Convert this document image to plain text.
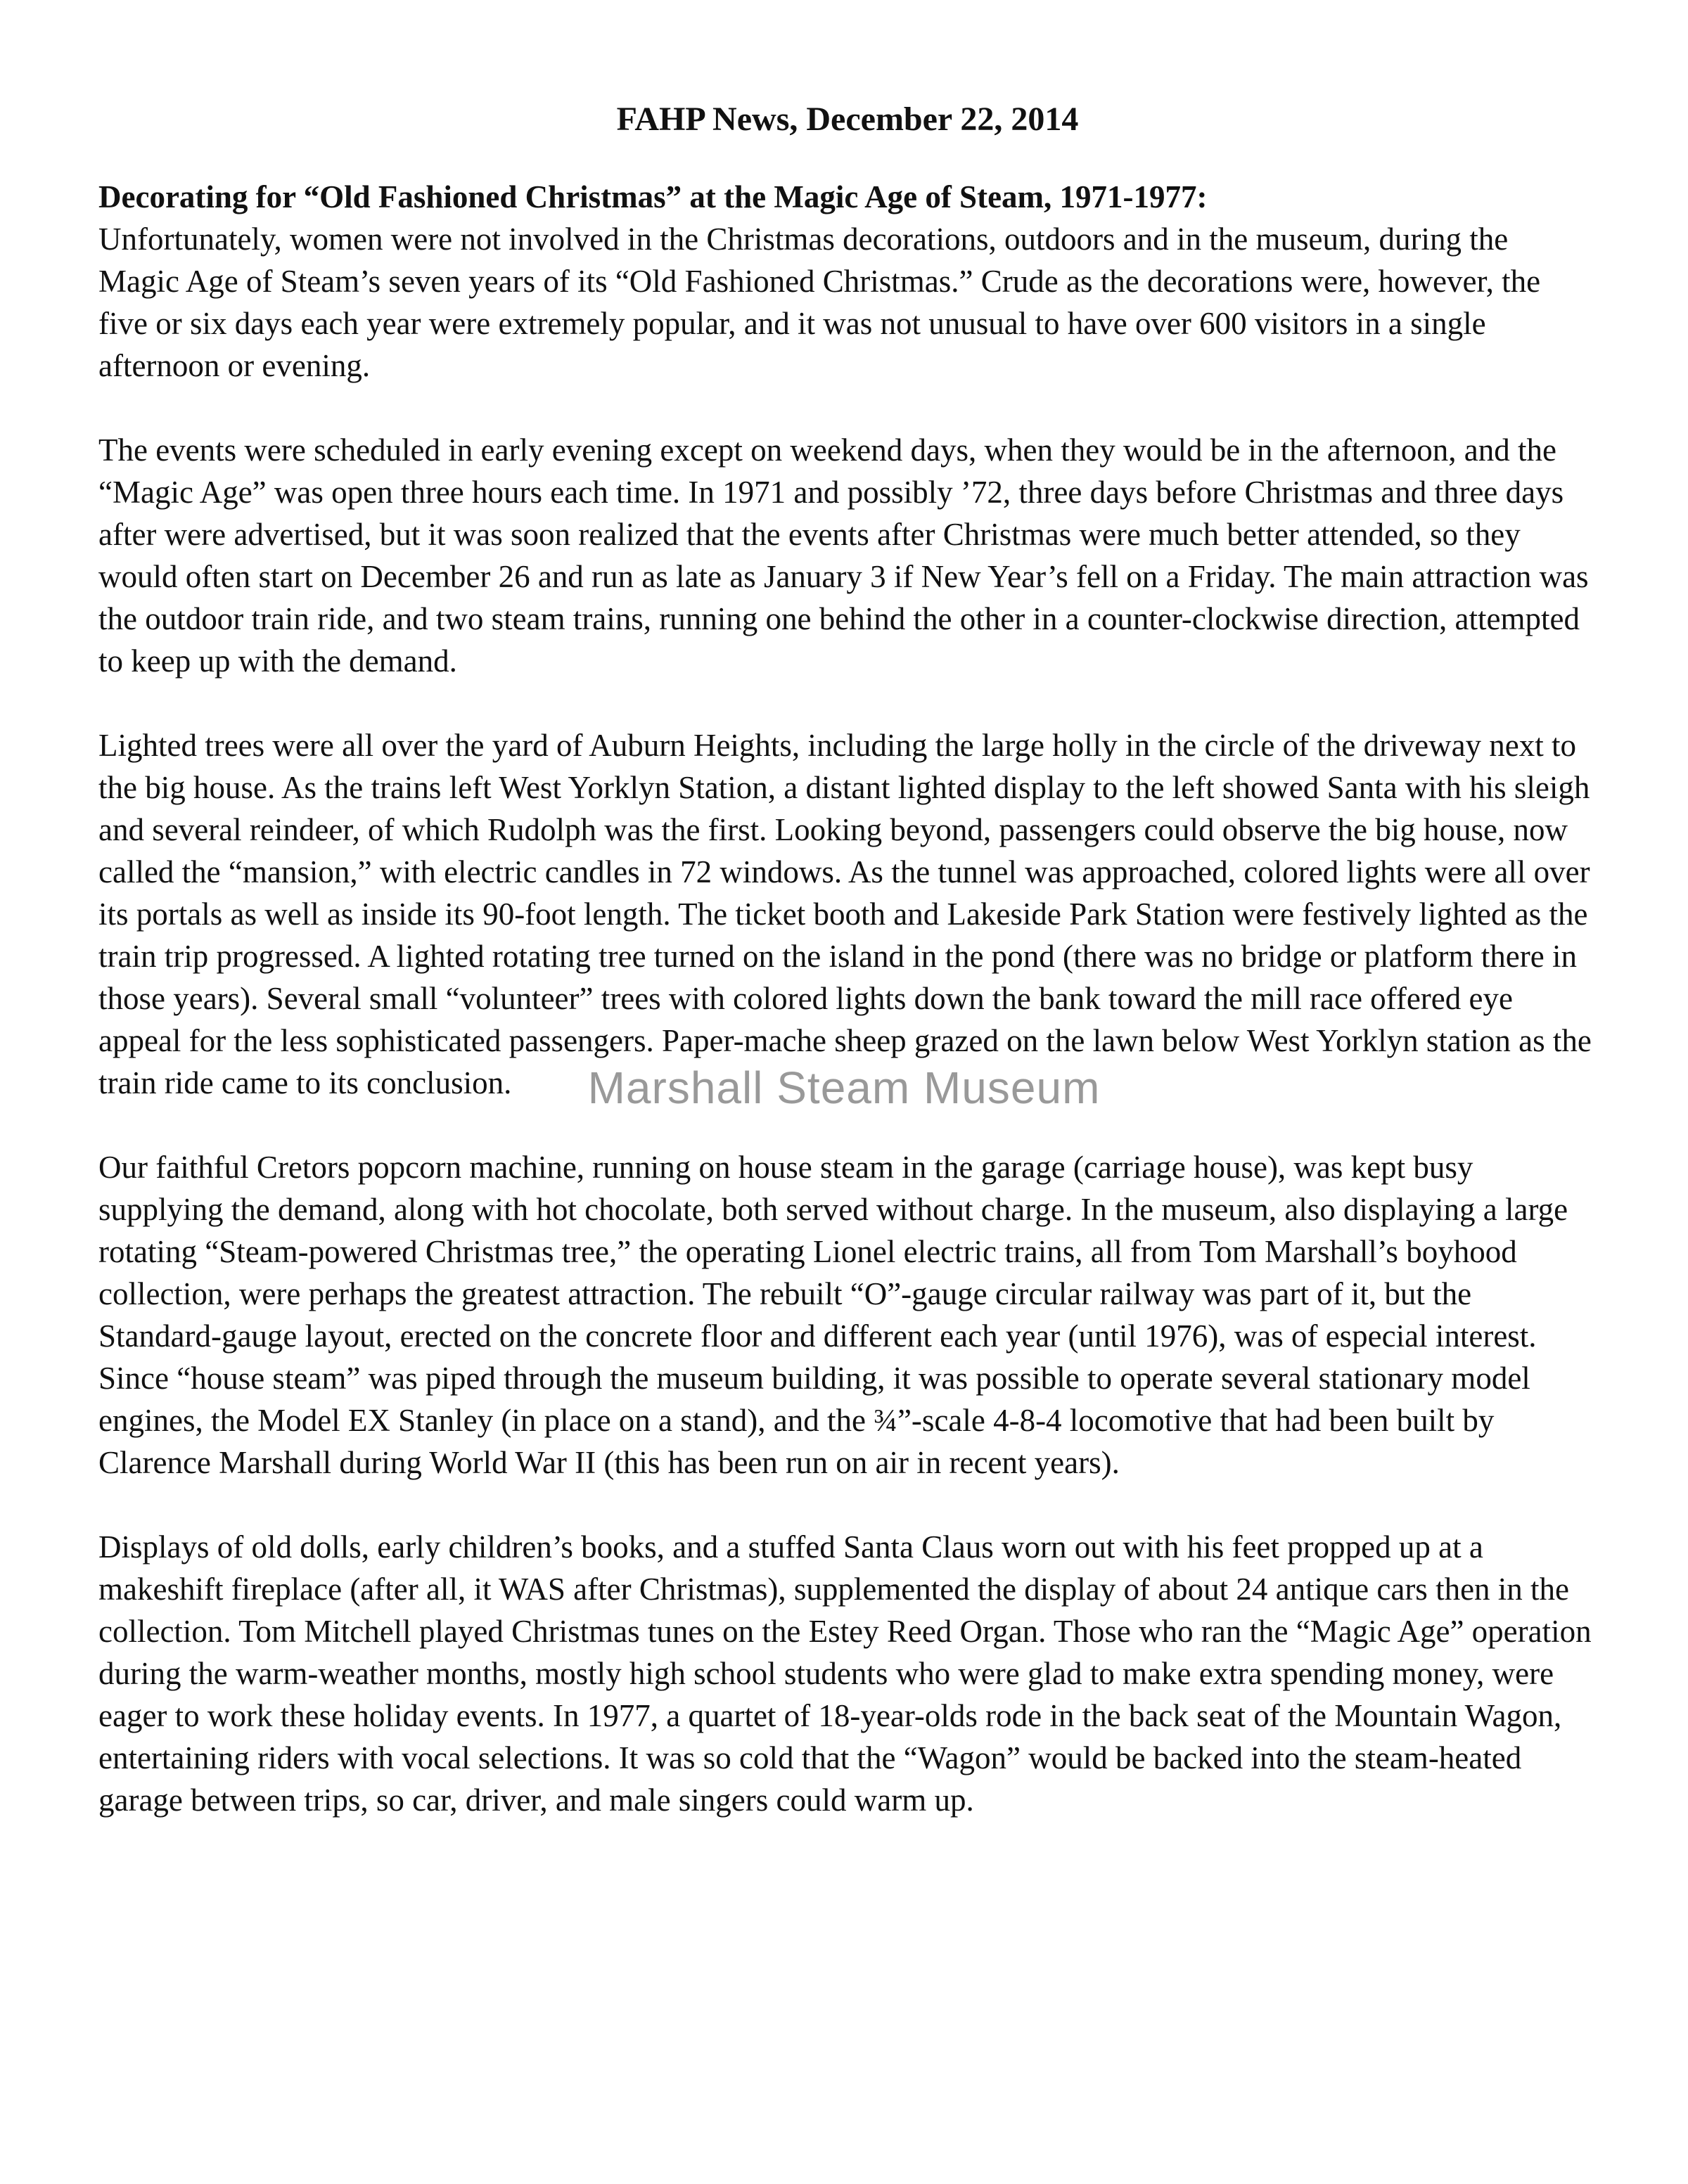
FAHP News, December 22, 2014

Decorating for “Old Fashioned Christmas” at the Magic Age of Steam, 1971-1977:
Unfortunately, women were not involved in the Christmas decorations, outdoors and in the museum, during the Magic Age of Steam’s seven years of its “Old Fashioned Christmas.” Crude as the decorations were, however, the five or six days each year were extremely popular, and it was not unusual to have over 600 visitors in a single afternoon or evening.

The events were scheduled in early evening except on weekend days, when they would be in the afternoon, and the “Magic Age” was open three hours each time. In 1971 and possibly ’72, three days before Christmas and three days after were advertised, but it was soon realized that the events after Christmas were much better attended, so they would often start on December 26 and run as late as January 3 if New Year’s fell on a Friday. The main attraction was the outdoor train ride, and two steam trains, running one behind the other in a counter-clockwise direction, attempted to keep up with the demand.

Lighted trees were all over the yard of Auburn Heights, including the large holly in the circle of the driveway next to the big house. As the trains left West Yorklyn Station, a distant lighted display to the left showed Santa with his sleigh and several reindeer, of which Rudolph was the first. Looking beyond, passengers could observe the big house, now called the “mansion,” with electric candles in 72 windows. As the tunnel was approached, colored lights were all over its portals as well as inside its 90-foot length. The ticket booth and Lakeside Park Station were festively lighted as the train trip progressed. A lighted rotating tree turned on the island in the pond (there was no bridge or platform there in those years). Several small “volunteer” trees with colored lights down the bank toward the mill race offered eye appeal for the less sophisticated passengers. Paper-mache sheep grazed on the lawn below West Yorklyn station as the train ride came to its conclusion.

Our faithful Cretors popcorn machine, running on house steam in the garage (carriage house), was kept busy supplying the demand, along with hot chocolate, both served without charge. In the museum, also displaying a large rotating “Steam-powered Christmas tree,” the operating Lionel electric trains, all from Tom Marshall’s boyhood collection, were perhaps the greatest attraction. The rebuilt “O”-gauge circular railway was part of it, but the Standard-gauge layout, erected on the concrete floor and different each year (until 1976), was of especial interest. Since “house steam” was piped through the museum building, it was possible to operate several stationary model engines, the Model EX Stanley (in place on a stand), and the ¾”-scale 4-8-4 locomotive that had been built by Clarence Marshall during World War II (this has been run on air in recent years).

Displays of old dolls, early children’s books, and a stuffed Santa Claus worn out with his feet propped up at a makeshift fireplace (after all, it WAS after Christmas), supplemented the display of about 24 antique cars then in the collection. Tom Mitchell played Christmas tunes on the Estey Reed Organ. Those who ran the “Magic Age” operation during the warm-weather months, mostly high school students who were glad to make extra spending money, were eager to work these holiday events. In 1977, a quartet of 18-year-olds rode in the back seat of the Mountain Wagon, entertaining riders with vocal selections. It was so cold that the “Wagon” would be backed into the steam-heated garage between trips, so car, driver, and male singers could warm up.

Marshall Steam Museum
